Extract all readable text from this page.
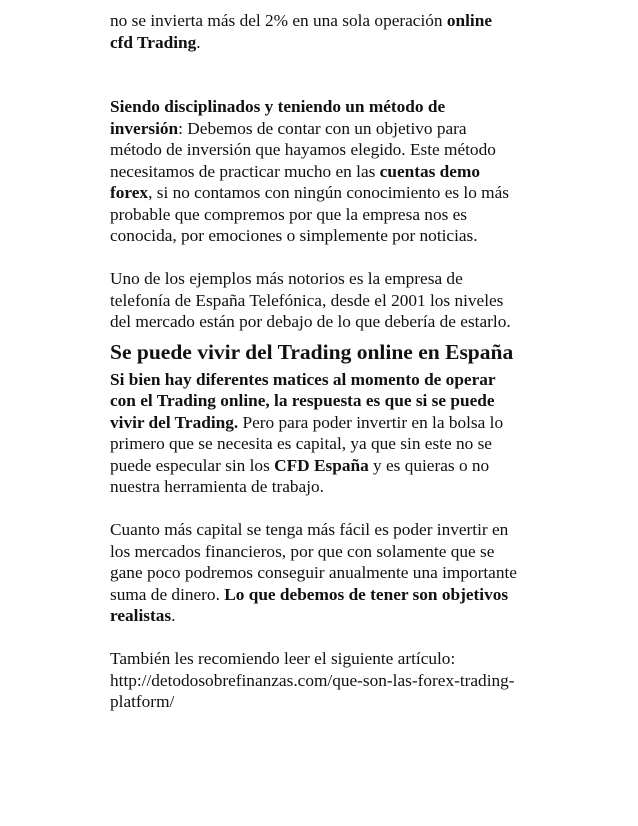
no se invierta más del 2% en una sola operación online
cfd Trading.

Siendo disciplinados y teniendo un método de
inversión: Debemos de contar con un objetivo para
método de inversión que hayamos elegido. Este método
necesitamos de practicar mucho en las cuentas demo
forex, si no contamos con ningún conocimiento es lo más
probable que compremos por que la empresa nos es
conocida, por emociones o simplemente por noticias.

Uno de los ejemplos más notorios es la empresa de
telefonía de España Telefónica, desde el 2001 los niveles
del mercado están por debajo de lo que debería de estarlo.

Se puede vivir del Trading online en España

Si bien hay diferentes matices al momento de operar
con el Trading online, la respuesta es que si se puede
vivir del Trading. Pero para poder invertir en la bolsa lo
primero que se necesita es capital, ya que sin este no se
puede especular sin los CFD España y es quieras o no
nuestra herramienta de trabajo.

Cuanto más capital se tenga más fácil es poder invertir en
los mercados financieros, por que con solamente que se
gane poco podremos conseguir anualmente una importante
suma de dinero. Lo que debemos de tener son objetivos
realistas.

También les recomiendo leer el siguiente artículo:
http://detodosobrefinanzas.com/que-son-las-forex-trading-
platform/
